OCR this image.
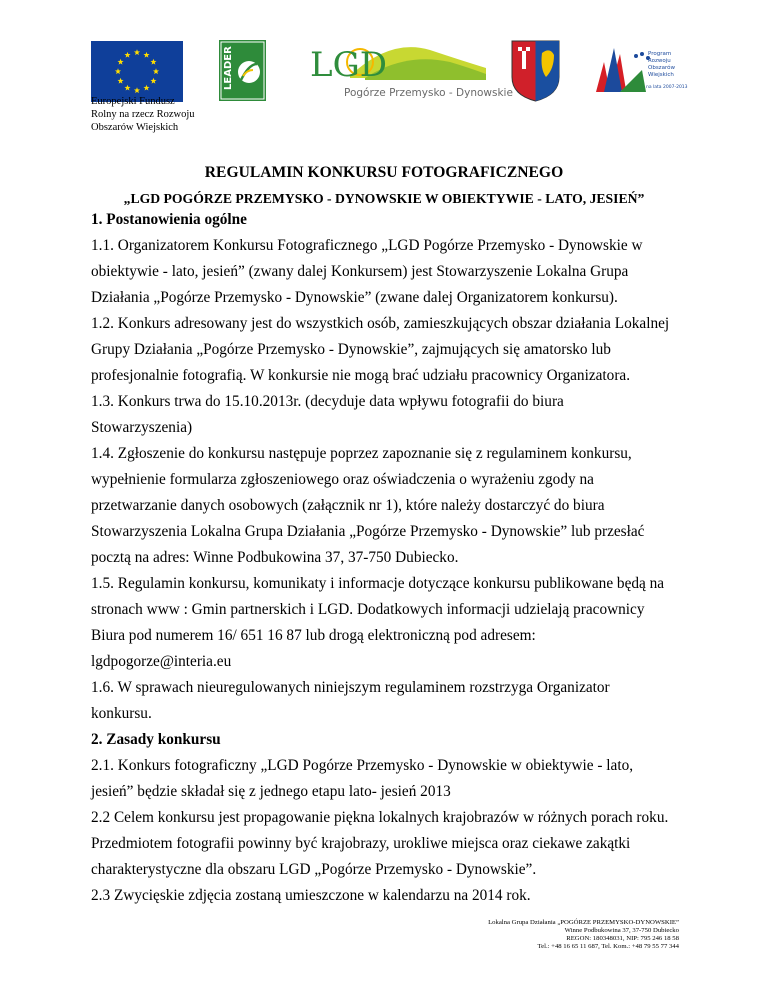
Europejski Fundusz
Rolny na rzecz Rozwoju
Obszarów Wiejskich
LEADER LGD
Pogórze Przemysko - Dynowskie
Program
Rozwoju
Obszarów
Wiejskich
na lata 2007-2013
REGULAMIN KONKURSU FOTOGRAFICZNEGO
„LGD POGÓRZE PRZEMYSKO - DYNOWSKIE W OBIEKTYWIE - LATO, JESIEŃ”
1. Postanowienia ogólne
1.1. Organizatorem Konkursu Fotograficznego „LGD Pogórze Przemysko - Dynowskie w
obiektywie - lato, jesień” (zwany dalej Konkursem) jest Stowarzyszenie Lokalna Grupa
Działania „Pogórze Przemysko - Dynowskie” (zwane dalej Organizatorem konkursu).
1.2. Konkurs adresowany jest do wszystkich osób, zamieszkujących obszar działania Lokalnej
Grupy Działania „Pogórze Przemysko - Dynowskie”, zajmujących się amatorsko lub
profesjonalnie fotografią. W konkursie nie mogą brać udziału pracownicy Organizatora.
1.3. Konkurs trwa do 15.10.2013r. (decyduje data wpływu fotografii do biura
Stowarzyszenia)
1.4. Zgłoszenie do konkursu następuje poprzez zapoznanie się z regulaminem konkursu,
wypełnienie formularza zgłoszeniowego oraz oświadczenia o wyrażeniu zgody na
przetwarzanie danych osobowych (załącznik nr 1), które należy dostarczyć do biura
Stowarzyszenia Lokalna Grupa Działania „Pogórze Przemysko - Dynowskie” lub przesłać
pocztą na adres: Winne Podbukowina 37, 37-750 Dubiecko.
1.5. Regulamin konkursu, komunikaty i informacje dotyczące konkursu publikowane będą na
stronach www : Gmin partnerskich i LGD. Dodatkowych informacji udzielają pracownicy
Biura pod numerem 16/ 651 16 87 lub drogą elektroniczną pod adresem:
lgdpogorze@interia.eu
1.6. W sprawach nieuregulowanych niniejszym regulaminem rozstrzyga Organizator
konkursu.
2. Zasady konkursu
2.1. Konkurs fotograficzny „LGD Pogórze Przemysko - Dynowskie w obiektywie - lato,
jesień” będzie składał się z jednego etapu lato- jesień 2013
2.2 Celem konkursu jest propagowanie piękna lokalnych krajobrazów w różnych porach roku.
Przedmiotem fotografii powinny być krajobrazy, urokliwe miejsca oraz ciekawe zakątki
charakterystyczne dla obszaru LGD „Pogórze Przemysko - Dynowskie”.
2.3 Zwycięskie zdjęcia zostaną umieszczone w kalendarzu na 2014 rok.
Lokalna Grupa Działania „POGÓRZE PRZEMYSKO-DYNOWSKIE”
Winne Podbukowina 37, 37-750 Dubiecko
REGON: 180348031, NIP: 795 246 18 58
Tel.: +48 16 65 11 687, Tel. Kom.: +48 79 55 77 344
